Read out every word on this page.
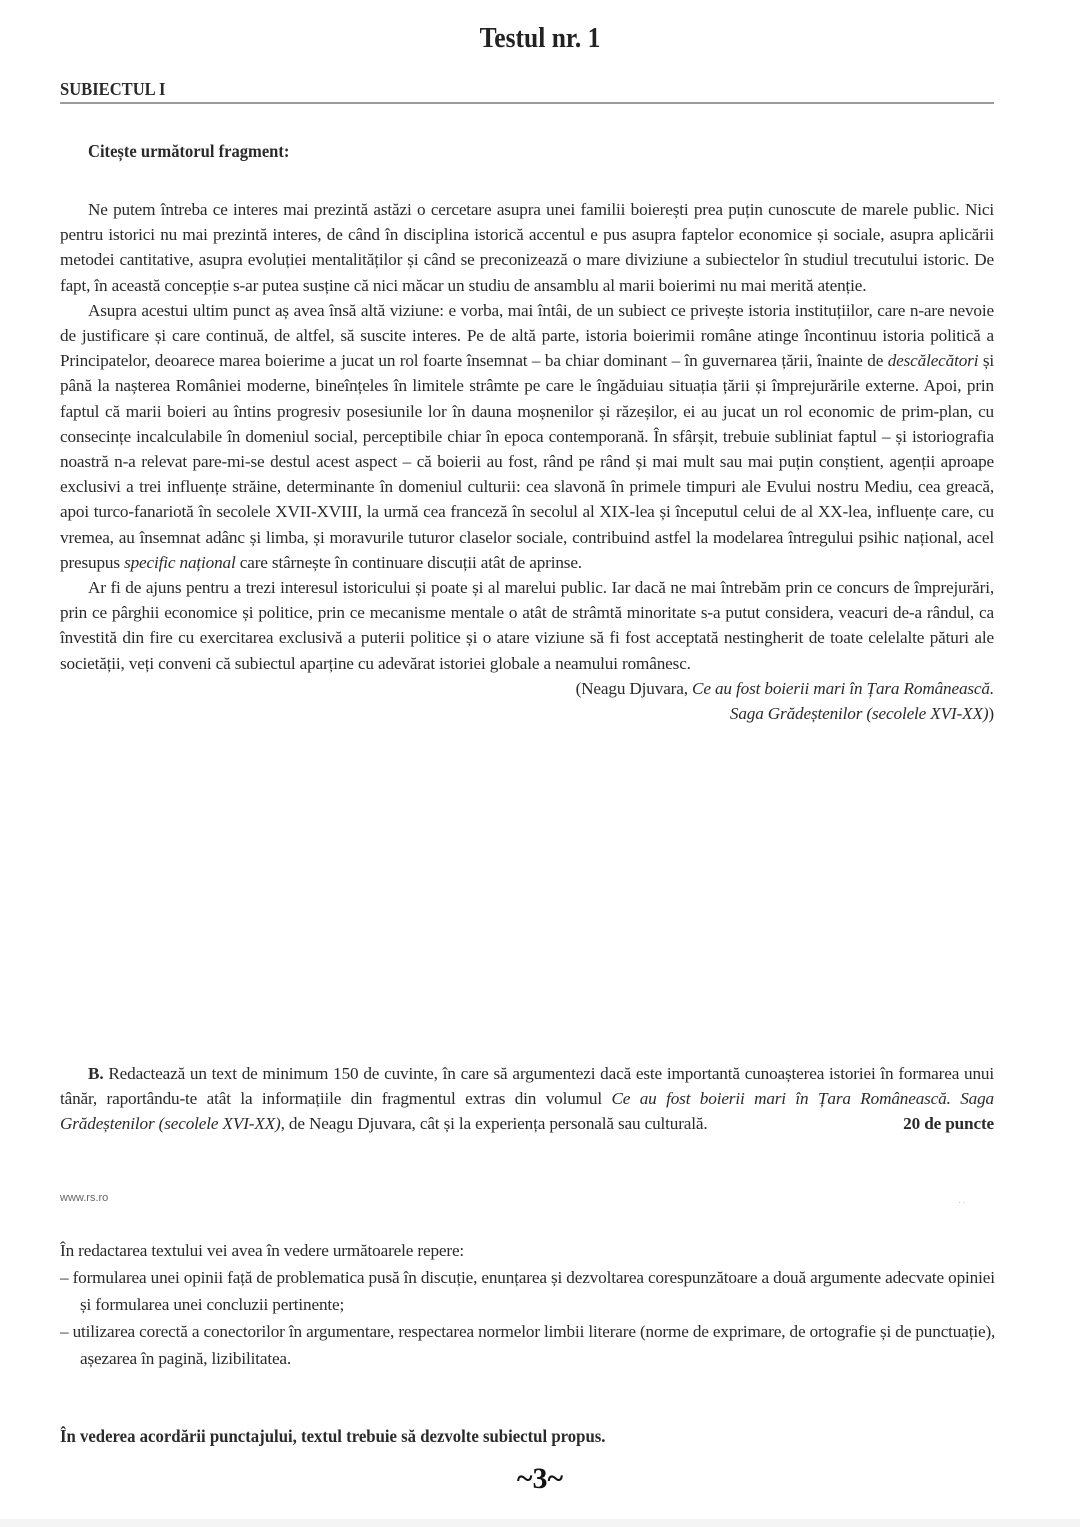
Testul nr. 1
SUBIECTUL I
Citește următorul fragment:

Ne putem întreba ce interes mai prezintă astăzi o cercetare asupra unei familii boierești prea puțin cunoscute de marele public. Nici pentru istorici nu mai prezintă interes, de când în disciplina istorică accentul e pus asupra faptelor economice și sociale, asupra aplicării metodei cantitative, asupra evoluției mentalităților și când se preconizează o mare diviziune a subiectelor în studiul trecutului istoric. De fapt, în această concepție s-ar putea susține că nici măcar un studiu de ansamblu al marii boierimi nu mai merită atenție.

Asupra acestui ultim punct aș avea însă altă viziune: e vorba, mai întâi, de un subiect ce privește istoria instituțiilor, care n-are nevoie de justificare și care continuă, de altfel, să suscite interes. Pe de altă parte, istoria boierimii române atinge încontinuu istoria politică a Principatelor, deoarece marea boierime a jucat un rol foarte însemnat – ba chiar dominant – în guvernarea țării, înainte de descălecători și până la nașterea României moderne, bineînțeles în limitele strâmte pe care le îngăduiau situația țării și împrejurările externe. Apoi, prin faptul că marii boieri au întins progresiv posesiunile lor în dauna moșnenilor și răzeșilor, ei au jucat un rol economic de prim-plan, cu consecințe incalculabile în domeniul social, perceptibile chiar în epoca contemporană. În sfârșit, trebuie subliniat faptul – și istoriografia noastră n-a relevat pare-mi-se destul acest aspect – că boierii au fost, rând pe rând și mai mult sau mai puțin conștient, agenții aproape exclusivi a trei influențe străine, determinante în domeniul culturii: cea slavonă în primele timpuri ale Evului nostru Mediu, cea greacă, apoi turco-fanariotă în secolele XVII-XVIII, la urmă cea franceză în secolul al XIX-lea și începutul celui de al XX-lea, influențe care, cu vremea, au însemnat adânc și limba, și moravurile tuturor claselor sociale, contribuind astfel la modelarea întregului psihic național, acel presupus specific național care stârnește în continuare discuții atât de aprinse.

Ar fi de ajuns pentru a trezi interesul istoricului și poate și al marelui public. Iar dacă ne mai întrebăm prin ce concurs de împrejurări, prin ce pârghii economice și politice, prin ce mecanisme mentale o atât de strâmtă minoritate s-a putut considera, veacuri de-a rândul, ca învestită din fire cu exercitarea exclusivă a puterii politice și o atare viziune să fi fost acceptată nestingherit de toate celelalte pături ale societății, veți conveni că subiectul aparține cu adevărat istoriei globale a neamului românesc.

(Neagu Djuvara, Ce au fost boierii mari în Țara Românească.

Saga Grădeștenilor (secolele XVI-XX))

B. Redactează un text de minimum 150 de cuvinte, în care să argumentezi dacă este importantă cunoașterea istoriei în formarea unui tânăr, raportându-te atât la informațiile din fragmentul extras din volumul Ce au fost boierii mari în Țara Românească. Saga Grădeștenilor (secolele XVI-XX), de Neagu Djuvara, cât și la experiența personală sau culturală.	20 de puncte

www.rs.ro	· ·

În redactarea textului vei avea în vedere următoarele repere:

– formularea unei opinii față de problematica pusă în discuție, enunțarea și dezvoltarea corespunzătoare a două argumente adecvate opiniei și formularea unei concluzii pertinente;
– utilizarea corectă a conectorilor în argumentare, respectarea normelor limbii literare (norme de exprimare, de ortografie și de punctuație), așezarea în pagină, lizibilitatea.
În vederea acordării punctajului, textul trebuie să dezvolte subiectul propus.
~3~
